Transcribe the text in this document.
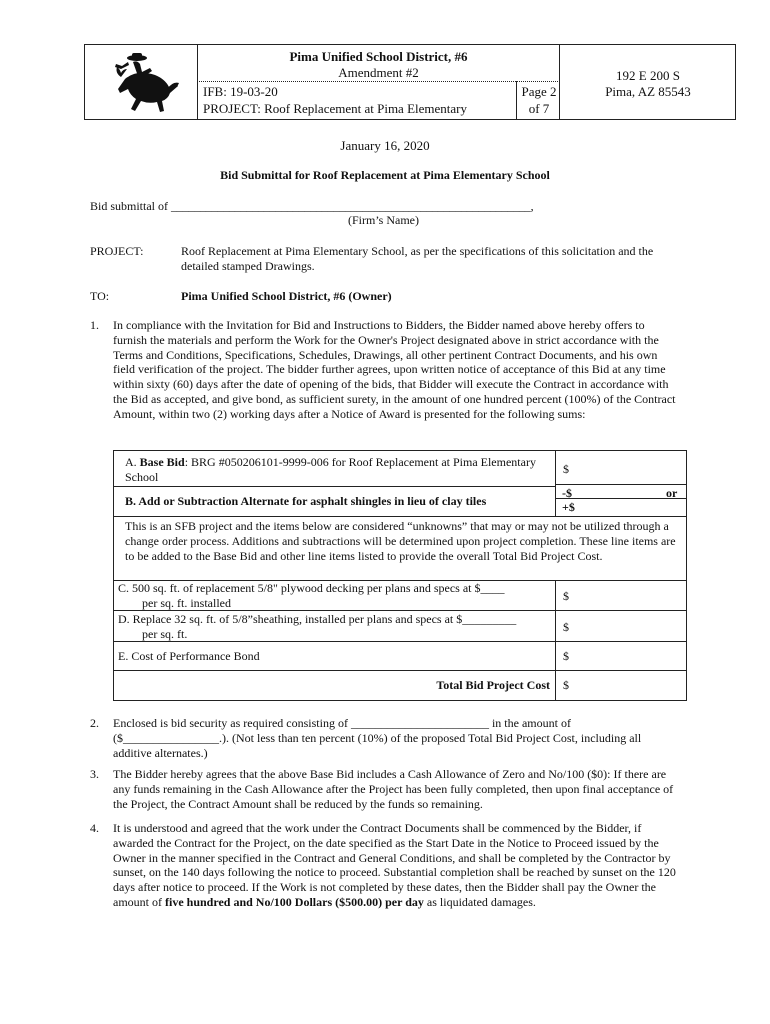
Pima Unified School District, #6
Amendment #2
IFB: 19-03-20
PROJECT: Roof Replacement at Pima Elementary
Page 2
of 7
192 E 200 S
Pima, AZ 85543
January 16, 2020
Bid Submittal for Roof Replacement at Pima Elementary School
Bid submittal of ______________________________________________________________,
(Firm’s Name)
PROJECT:	Roof Replacement at Pima Elementary School, as per the specifications of this solicitation and the detailed stamped Drawings.
TO:	Pima Unified School District, #6 (Owner)
1. In compliance with the Invitation for Bid and Instructions to Bidders, the Bidder named above hereby offers to furnish the materials and perform the Work for the Owner's Project designated above in strict accordance with the Terms and Conditions, Specifications, Schedules, Drawings, all other pertinent Contract Documents, and his own field verification of the project. The bidder further agrees, upon written notice of acceptance of this Bid at any time within sixty (60) days after the date of opening of the bids, that Bidder will execute the Contract in accordance with the Bid as accepted, and give bond, as sufficient surety, in the amount of one hundred percent (100%) of the Contract Amount, within two (2) working days after a Notice of Award is presented for the following sums:
A. Base Bid: BRG #050206101-9999-006 for Roof Replacement at Pima Elementary School
$
B. Add or Subtraction Alternate for asphalt shingles in lieu of clay tiles
-$	or
+$
This is an SFB project and the items below are considered “unknowns” that may or may not be utilized through a change order process. Additions and subtractions will be determined upon project completion. These line items are to be added to the Base Bid and other line items listed to provide the overall Total Bid Project Cost.
C. 500 sq. ft. of replacement 5/8" plywood decking per plans and specs at $____
per sq. ft. installed	$
D. Replace 32 sq. ft. of 5/8”sheathing, installed per plans and specs at $_________
per sq. ft.	$
E. Cost of Performance Bond	$
Total Bid Project Cost $
2. Enclosed is bid security as required consisting of _______________________ in the amount of ($________________.). (Not less than ten percent (10%) of the proposed Total Bid Project Cost, including all additive alternates.)
3. The Bidder hereby agrees that the above Base Bid includes a Cash Allowance of Zero and No/100 ($0): If there are any funds remaining in the Cash Allowance after the Project has been fully completed, then upon final acceptance of the Project, the Contract Amount shall be reduced by the funds so remaining.
4. It is understood and agreed that the work under the Contract Documents shall be commenced by the Bidder, if awarded the Contract for the Project, on the date specified as the Start Date in the Notice to Proceed issued by the Owner in the manner specified in the Contract and General Conditions, and shall be completed by the Contractor by sunset, on the 140 days following the notice to proceed. Substantial completion shall be reached by sunset on the 120 days after notice to proceed. If the Work is not completed by these dates, then the Bidder shall pay the Owner the amount of five hundred and No/100 Dollars ($500.00) per day as liquidated damages.
